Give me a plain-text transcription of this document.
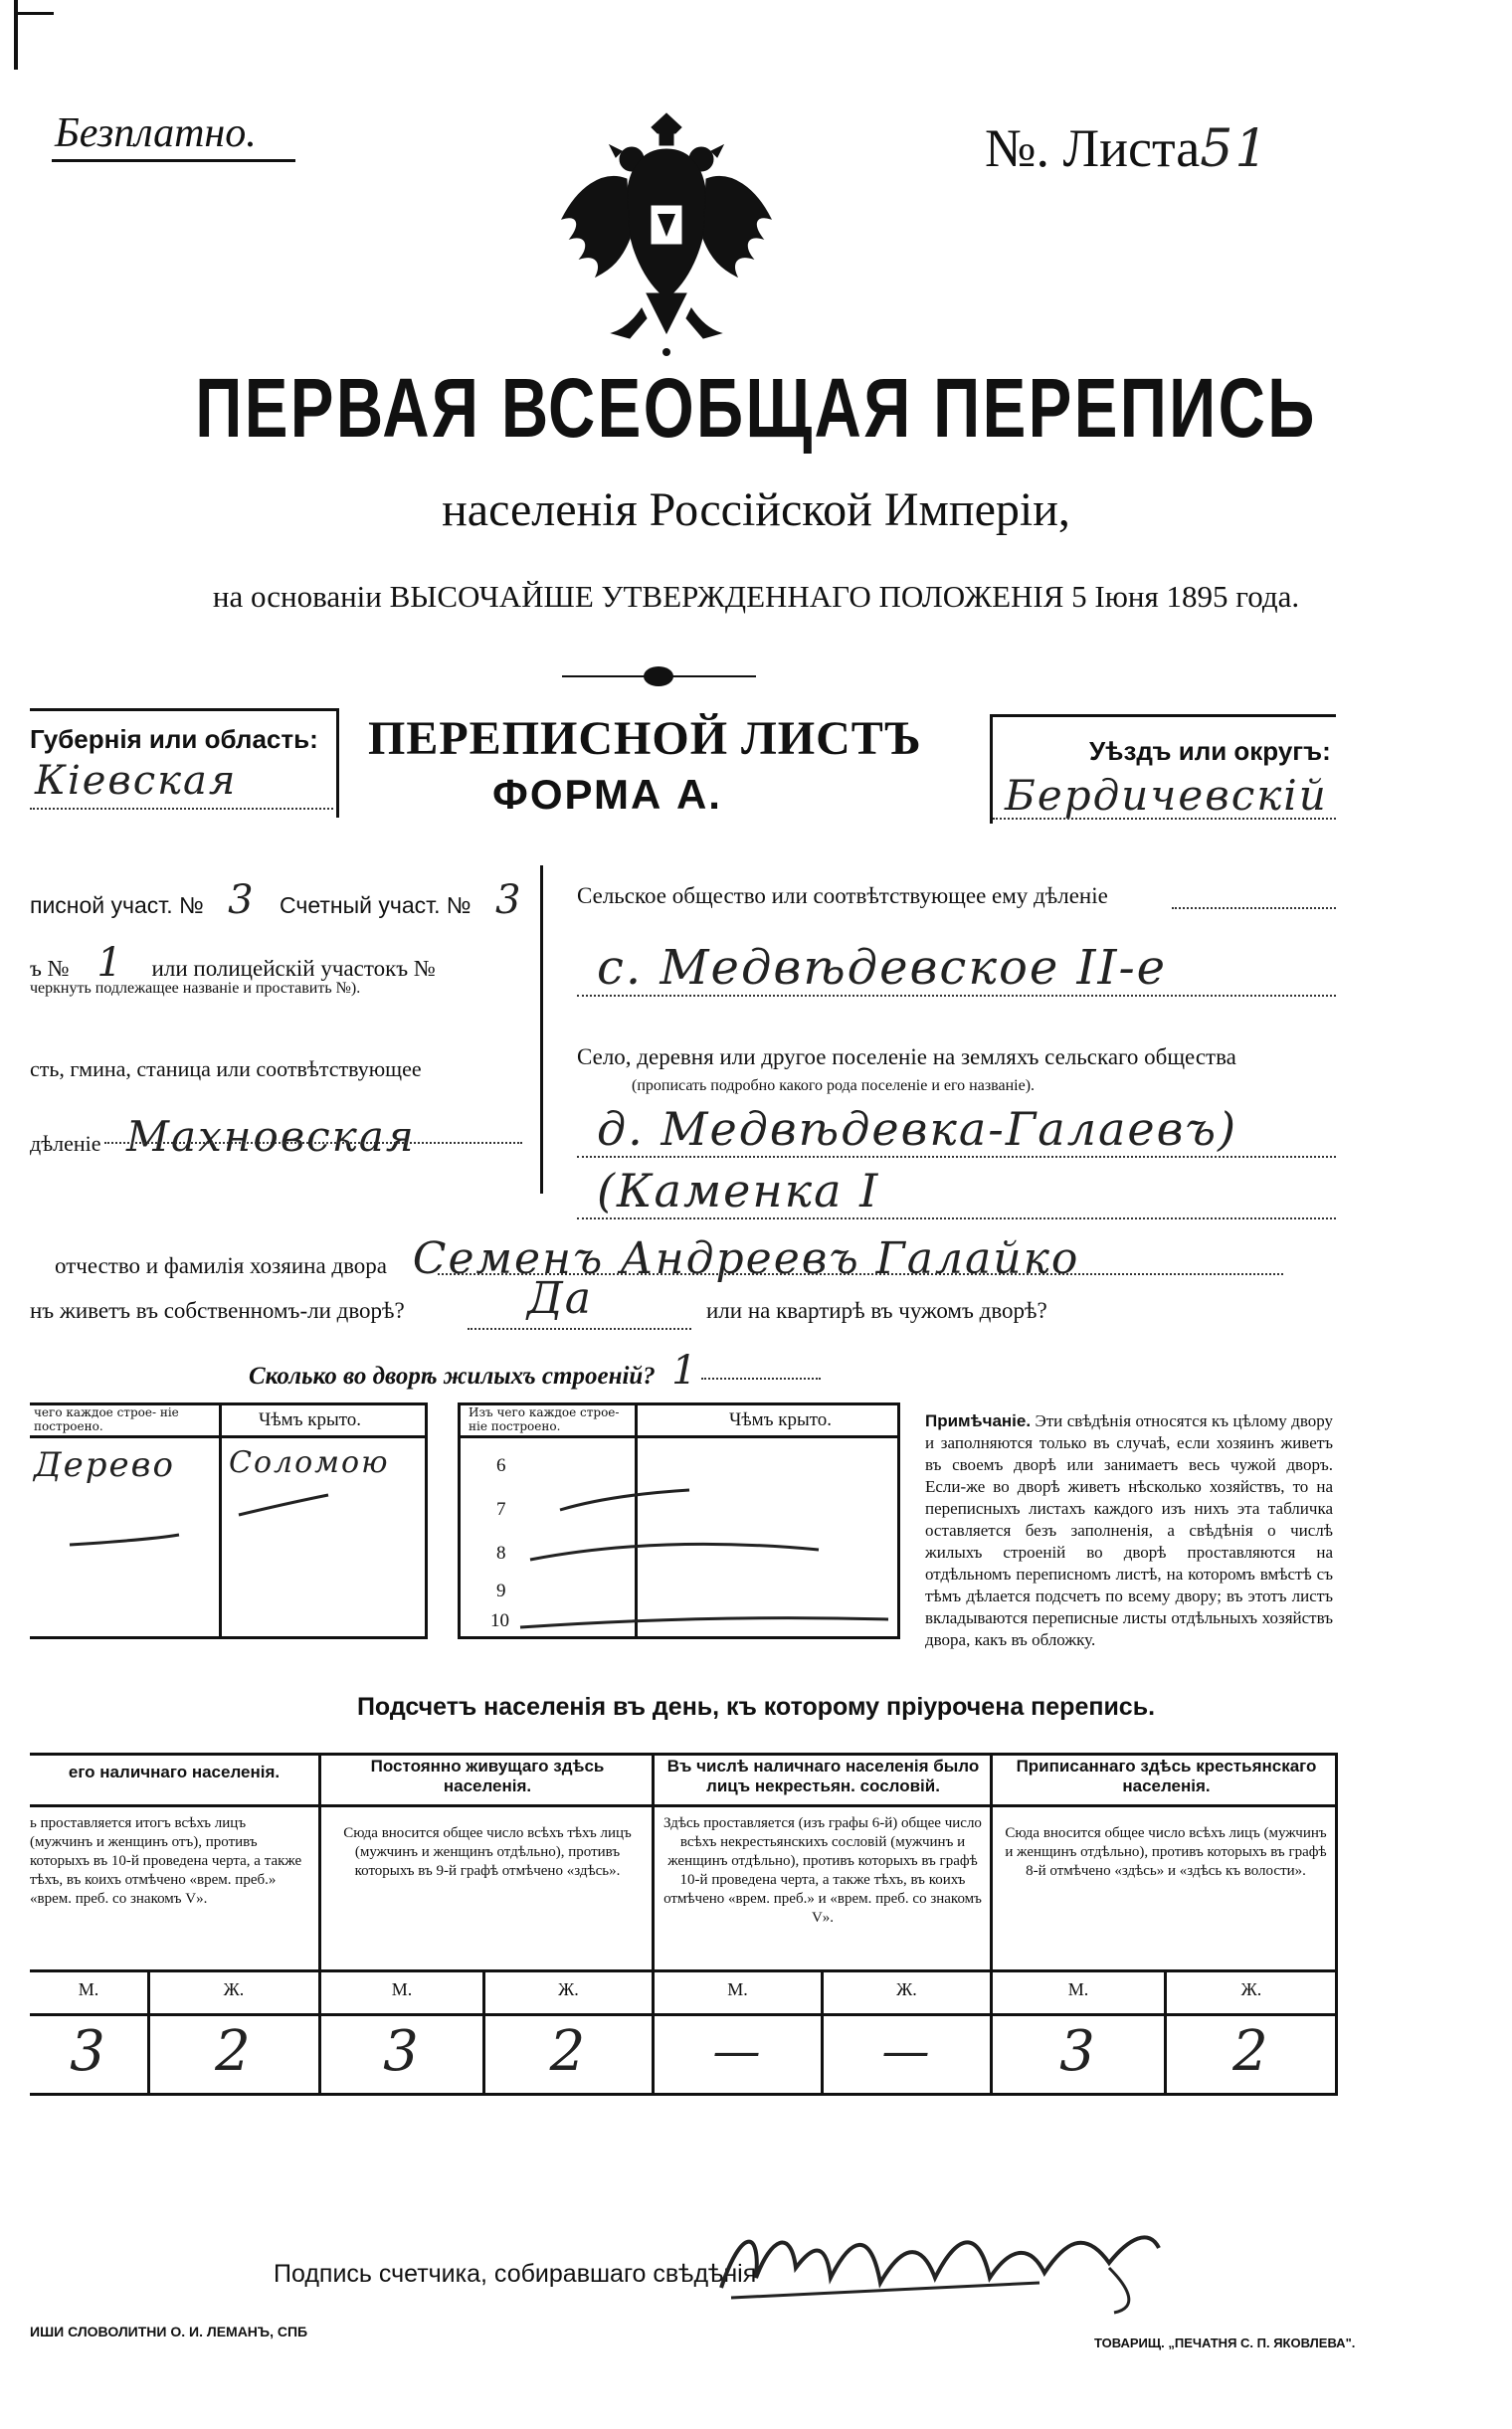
Безплатно.	№. Листа51
ПЕРВАЯ ВСЕОБЩАЯ ПЕРЕПИСЬ
населенія Россійской Имперіи,
на основаніи ВЫСОЧАЙШЕ УТВЕРЖДЕННАГО ПОЛОЖЕНІЯ 5 Іюня 1895 года.
Губернія или область:
Кіевская
ПЕРЕПИСНОЙ ЛИСТЪ
ФОРМА А.
Уѣздъ или округъ:
Бердичевскій
писной участ. № 3 Счетный участ. № 3
ъ № 1 или полицейскій участокъ №
черкнуть подлежащее названіе и проставить №).
сть, гмина, станица или соотвѣтствующее
дѣленіе Махновская
Сельское общество или соотвѣтствующее ему дѣленіе
с. Медвѣдевское II-е
Село, деревня или другое поселеніе на земляхъ сельскаго общества
(прописать подробно какого рода поселеніе и его названіе).
д. Медвѣдевка-Галаевъ)
(Каменка I
отчество и фамилія хозяина двора Семенъ Андреевъ Галайко
нъ живетъ въ собственномъ-ли дворѣ?	Да	или на квартирѣ въ чужомъ дворѣ?
Сколько во дворѣ жилыхъ строеній? 1
чего каждое строе- ніе построено.	Чѣмъ крыто.
Дерево Соломою
Изъ чего каждое строе- ніе построено.	Чѣмъ крыто.
6
7
8
9
10
Примѣчаніе. Эти свѣдѣнія относятся къ цѣлому двору и заполняются только въ случаѣ, если хозяинъ живетъ въ своемъ дворѣ или занимаетъ весь чужой дворъ. Если-же во дворѣ живетъ нѣсколько хозяйствъ, то на переписныхъ листахъ каждого изъ нихъ эта табличка оставляется безъ заполненія, а свѣдѣнія о числѣ жилыхъ строеній во дворѣ проставляются на отдѣльномъ переписномъ листѣ, на которомъ вмѣстѣ съ тѣмъ дѣлается подсчетъ по всему двору; въ этотъ листъ вкладываются переписные листы отдѣльныхъ хозяйствъ двора, какъ въ обложку.
Подсчетъ населенія въ день, къ которому пріурочена перепись.
его наличнаго населенія.
ь проставляется итогъ всѣхъ лицъ (мужчинъ и женщинъ отъ), противъ которыхъ въ 10-й проведена черта, а также тѣхъ, въ коихъ отмѣчено «врем. преб.» «врем. преб. со знакомъ V».
М.	Ж.
3	2
Постоянно живущаго здѣсь населенія.
Сюда вносится общее число всѣхъ тѣхъ лицъ (мужчинъ и женщинъ отдѣльно), противъ которыхъ въ 9-й графѣ отмѣчено «здѣсь».
М.	Ж.
3	2
Въ числѣ наличнаго населенія было лицъ некрестьян. сословій.
Здѣсь проставляется (изъ графы 6-й) общее число всѣхъ некрестьянскихъ сословій (мужчинъ и женщинъ отдѣльно), противъ которыхъ въ графѣ 10-й проведена черта, а также тѣхъ, въ коихъ отмѣчено «врем. преб.» и «врем. преб. со знакомъ V».
М.	Ж.
—	—
Приписаннаго здѣсь крестьянскаго населенія.
Сюда вносится общее число всѣхъ лицъ (мужчинъ и женщинъ отдѣльно), противъ которыхъ въ графѣ 8-й отмѣчено «здѣсь» и «здѣсь къ волости».
М.	Ж.
3	2
Подпись счетчика, собиравшаго свѣдѣнія
ИШИ СЛОВОЛИТНИ О. И. ЛЕМАНЪ, СПБ
ТОВАРИЩ. „ПЕЧАТНЯ С. П. ЯКОВЛЕВА".
